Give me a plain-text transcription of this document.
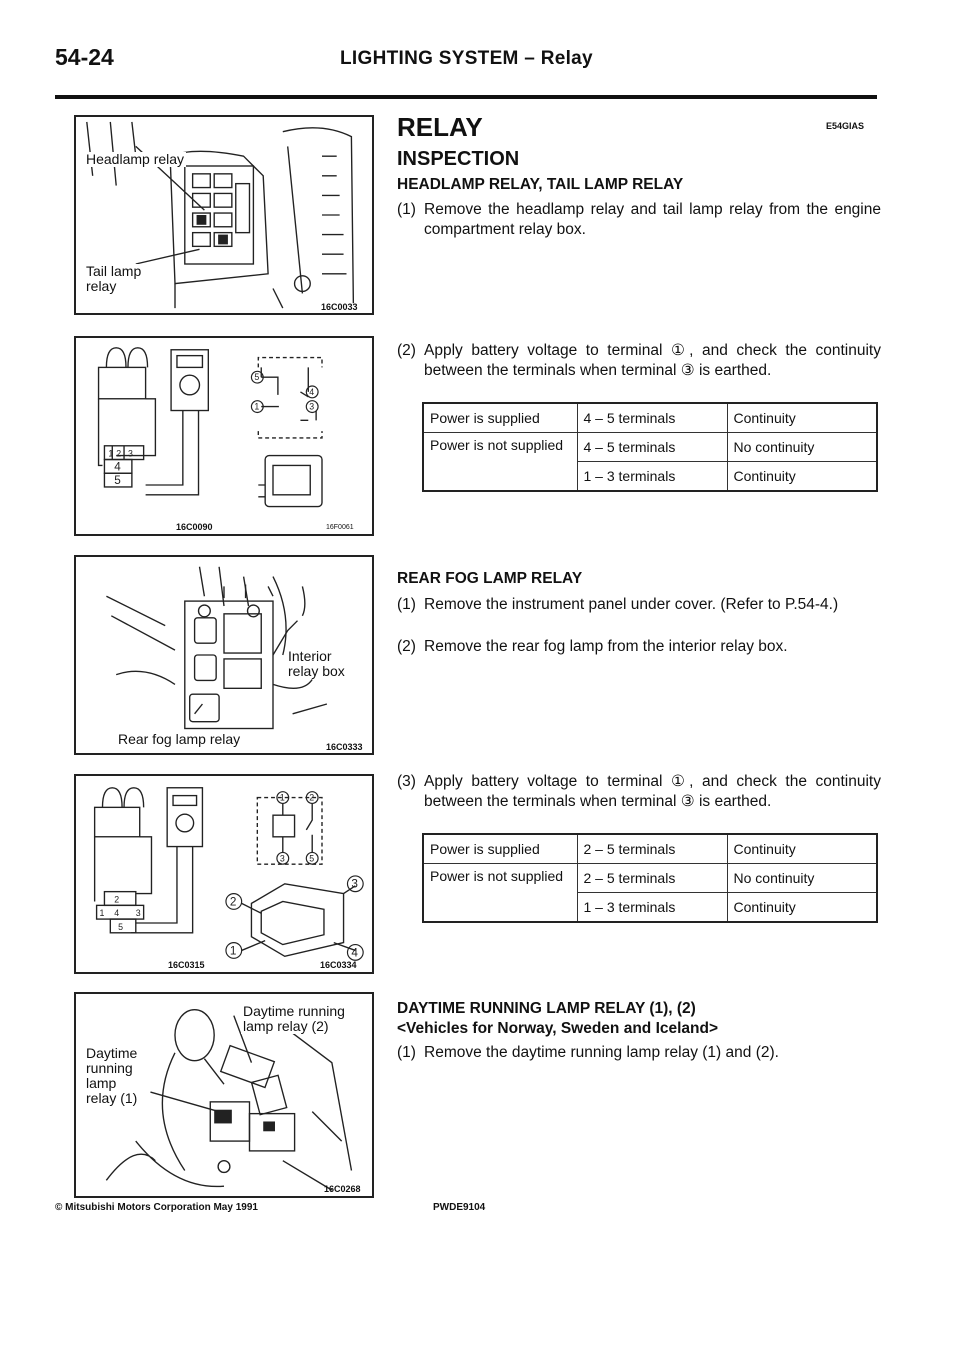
54-24	LIGHTING SYSTEM – Relay
Headlamp relay
Tail lamp
relay
16C0033
5
4
1	3
1 2 3
4
5
16C0090	16F0061
Interior
relay box
Rear fog lamp relay	16C0333
1	2
3	5
2
1
3
4
2
1 4 3
5
16C0315	16C0334
Daytime running
lamp relay (2)
Daytime
running
lamp
relay (1)
16C0268
RELAY	E54GIAS
INSPECTION
HEADLAMP RELAY, TAIL LAMP RELAY
(1) Remove the headlamp relay and tail lamp relay from the engine compartment relay box.
(2) Apply battery voltage to terminal ①, and check the continuity between the terminals when terminal ③ is earthed.
Power is supplied	4 – 5 terminals	Continuity
Power is not supplied	4 – 5 terminals	No continuity
	1 – 3 terminals	Continuity
REAR FOG LAMP RELAY
(1) Remove the instrument panel under cover. (Refer to P.54-4.)
(2) Remove the rear fog lamp from the interior relay box.
(3) Apply battery voltage to terminal ①, and check the continuity between the terminals when terminal ③ is earthed.
Power is supplied	2 – 5 terminals	Continuity
Power is not supplied	2 – 5 terminals	No continuity
	1 – 3 terminals	Continuity
DAYTIME RUNNING LAMP RELAY (1), (2)
<Vehicles for Norway, Sweden and Iceland>
(1) Remove the daytime running lamp relay (1) and (2).
© Mitsubishi Motors Corporation May 1991	PWDE9104
